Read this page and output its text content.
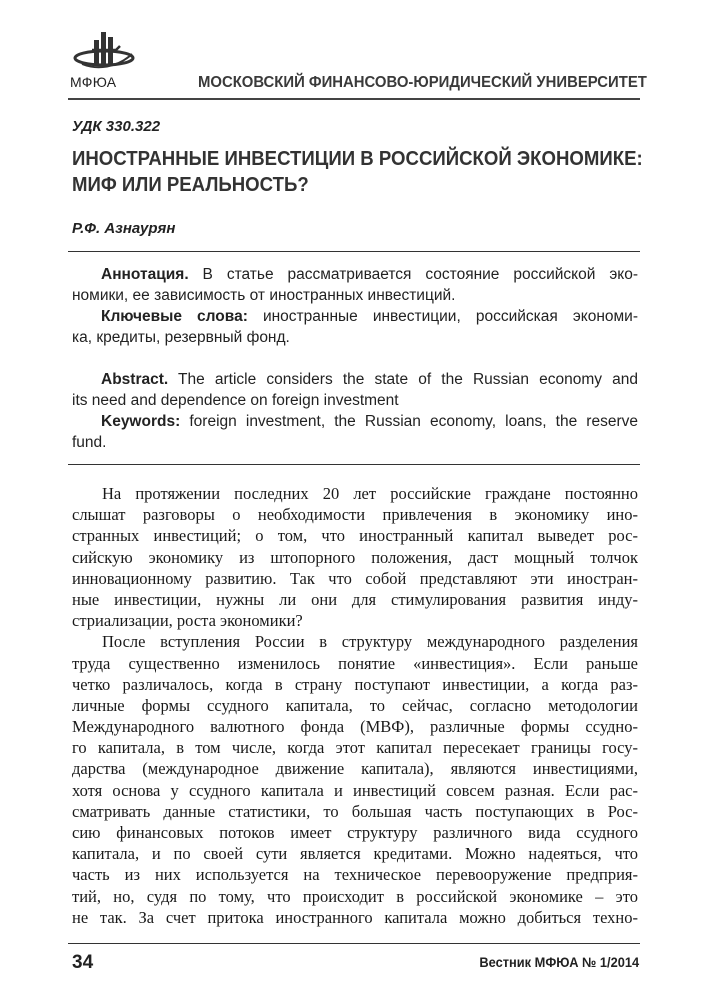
МФЮА	МОСКОВСКИЙ ФИНАНСОВО-ЮРИДИЧЕСКИЙ УНИВЕРСИТЕТ
УДК 330.322
ИНОСТРАННЫЕ ИНВЕСТИЦИИ В РОССИЙСКОЙ ЭКОНОМИКЕ:
МИФ ИЛИ РЕАЛЬНОСТЬ?
Р.Ф. Азнаурян

Аннотация. В статье рассматривается состояние российской эко-
номики, ее зависимость от иностранных инвестиций.

Ключевые слова: иностранные инвестиции, российская экономи-
ка, кредиты, резервный фонд.

Abstract. The article considers the state of the Russian economy and
its need and dependence on foreign investment

Keywords: foreign investment, the Russian economy, loans, the reserve
fund.

На протяжении последних 20 лет российские граждане постоянно
слышат разговоры о необходимости привлечения в экономику ино-
странных инвестиций; о том, что иностранный капитал выведет рос-
сийскую экономику из штопорного положения, даст мощный толчок
инновационному развитию. Так что собой представляют эти иностран-
ные инвестиции, нужны ли они для стимулирования развития инду-
стриализации, роста экономики?
После вступления России в структуру международного разделения
труда существенно изменилось понятие «инвестиция». Если раньше
четко различалось, когда в страну поступают инвестиции, а когда раз-
личные формы ссудного капитала, то сейчас, согласно методологии
Международного валютного фонда (МВФ), различные формы ссудно-
го капитала, в том числе, когда этот капитал пересекает границы госу-
дарства (международное движение капитала), являются инвестициями,
хотя основа у ссудного капитала и инвестиций совсем разная. Если рас-
сматривать данные статистики, то большая часть поступающих в Рос-
сию финансовых потоков имеет структуру различного вида ссудного
капитала, и по своей сути является кредитами. Можно надеяться, что
часть из них используется на техническое перевооружение предприя-
тий, но, судя по тому, что происходит в российской экономике – это
не так. За счет притока иностранного капитала можно добиться техно-
34	Вестник МФЮА № 1/2014
